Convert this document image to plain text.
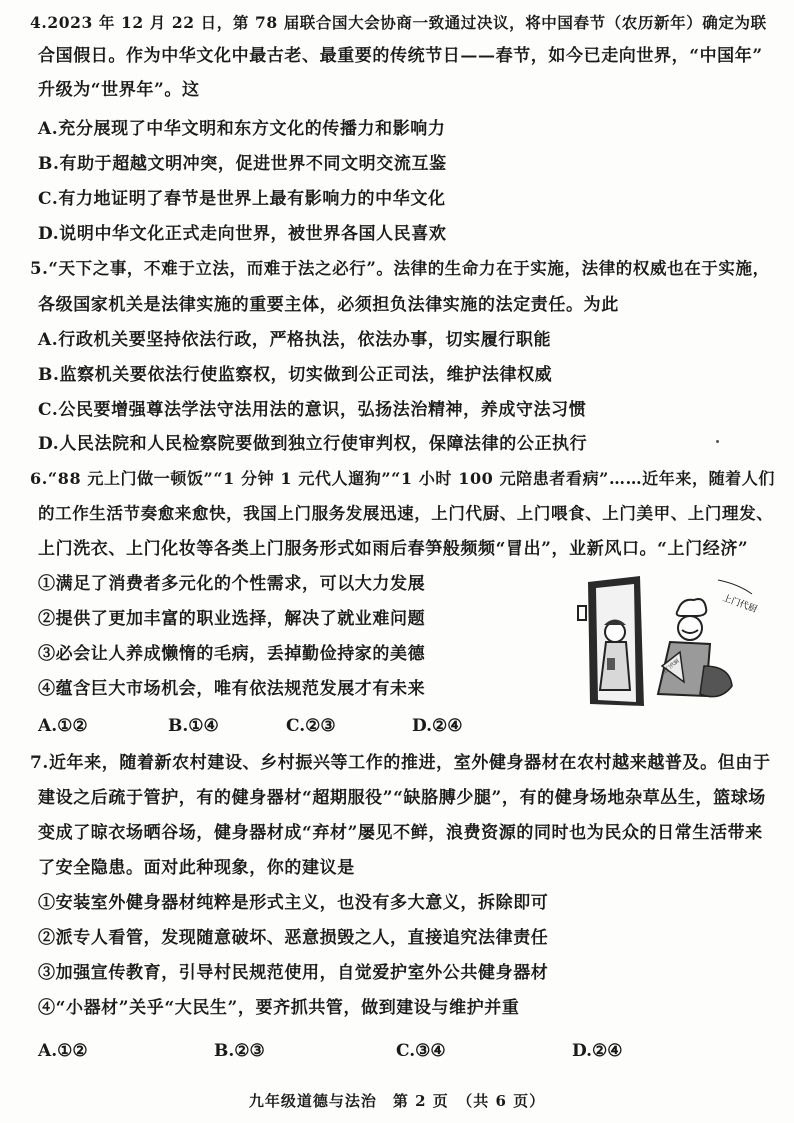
4.2023 年 12 月 22 日，第 78 届联合国大会协商一致通过决议，将中国春节（农历新年）确定为联
合国假日。作为中华文化中最古老、最重要的传统节日——春节，如今已走向世界，“中国年”
升级为“世界年”。这
A.充分展现了中华文明和东方文化的传播力和影响力
B.有助于超越文明冲突，促进世界不同文明交流互鉴
C.有力地证明了春节是世界上最有影响力的中华文化
D.说明中华文化正式走向世界，被世界各国人民喜欢
5.“天下之事，不难于立法，而难于法之必行”。法律的生命力在于实施，法律的权威也在于实施，
各级国家机关是法律实施的重要主体，必须担负法律实施的法定责任。为此
A.行政机关要坚持依法行政，严格执法，依法办事，切实履行职能
B.监察机关要依法行使监察权，切实做到公正司法，维护法律权威
C.公民要增强尊法学法守法用法的意识，弘扬法治精神，养成守法习惯
D.人民法院和人民检察院要做到独立行使审判权，保障法律的公正执行
6.“88 元上门做一顿饭”“1 分钟 1 元代人遛狗”“1 小时 100 元陪患者看病”……近年来，随着人们
的工作生活节奏愈来愈快，我国上门服务发展迅速，上门代厨、上门喂食、上门美甲、上门理发、
上门洗衣、上门化妆等各类上门服务形式如雨后春笋般频频“冒出”，业新风口。“上门经济”
①满足了消费者多元化的个性需求，可以大力发展
②提供了更加丰富的职业选择，解决了就业难问题
③必会让人养成懒惰的毛病，丢掉勤俭持家的美德
④蕴含巨大市场机会，唯有依法规范发展才有未来
A.①②	B.①④	C.②③	D.②④
上门代厨
上门代厨
7.近年来，随着新农村建设、乡村振兴等工作的推进，室外健身器材在农村越来越普及。但由于
建设之后疏于管护，有的健身器材“超期服役”“缺胳膊少腿”，有的健身场地杂草丛生，篮球场
变成了晾衣场晒谷场，健身器材成“弃材”屡见不鲜，浪费资源的同时也为民众的日常生活带来
了安全隐患。面对此种现象，你的建议是
①安装室外健身器材纯粹是形式主义，也没有多大意义，拆除即可
②派专人看管，发现随意破坏、恶意损毁之人，直接追究法律责任
③加强宣传教育，引导村民规范使用，自觉爱护室外公共健身器材
④“小器材”关乎“大民生”，要齐抓共管，做到建设与维护并重
A.①②	B.②③	C.③④	D.②④
九年级道德与法治　第 2 页　（共 6 页）
